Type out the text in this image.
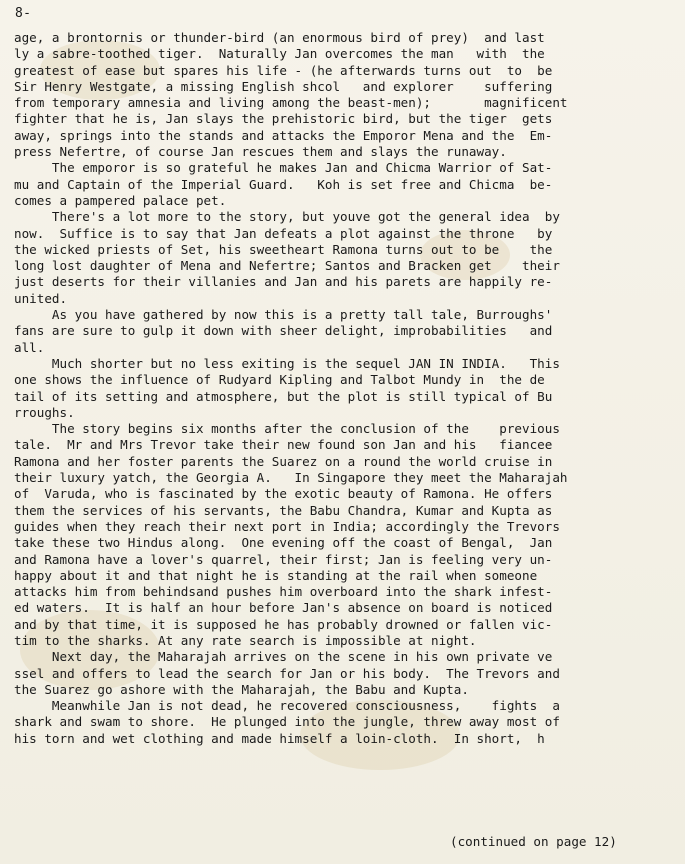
8-
age, a brontornis or thunder-bird (an enormous bird of prey)  and last
ly a sabre-toothed tiger.  Naturally Jan overcomes the man   with  the
greatest of ease but spares his life - (he afterwards turns out  to  be
Sir Henry Westgate, a missing English shcol   and explorer    suffering
from temporary amnesia and living among the beast-men);       magnificent
fighter that he is, Jan slays the prehistoric bird, but the tiger  gets
away, springs into the stands and attacks the Emporor Mena and the  Em-
press Nefertre, of course Jan rescues them and slays the runaway.
The emporor is so grateful he makes Jan and Chicma Warrior of Sat-
mu and Captain of the Imperial Guard.   Koh is set free and Chicma  be-
comes a pampered palace pet.
There's a lot more to the story, but youve got the general idea  by
now.  Suffice is to say that Jan defeats a plot against the throne   by
the wicked priests of Set, his sweetheart Ramona turns out to be    the
long lost daughter of Mena and Nefertre; Santos and Bracken get    their
just deserts for their villanies and Jan and his parets are happily re-
united.
As you have gathered by now this is a pretty tall tale, Burroughs'
fans are sure to gulp it down with sheer delight, improbabilities   and
all.
Much shorter but no less exiting is the sequel JAN IN INDIA.   This
one shows the influence of Rudyard Kipling and Talbot Mundy in  the de
tail of its setting and atmosphere, but the plot is still typical of Bu
rroughs.
The story begins six months after the conclusion of the    previous
tale.  Mr and Mrs Trevor take their new found son Jan and his   fiancee
Ramona and her foster parents the Suarez on a round the world cruise in
their luxury yatch, the Georgia A.   In Singapore they meet the Maharajah
of  Varuda, who is fascinated by the exotic beauty of Ramona. He offers
them the services of his servants, the Babu Chandra, Kumar and Kupta as
guides when they reach their next port in India; accordingly the Trevors
take these two Hindus along.  One evening off the coast of Bengal,  Jan
and Ramona have a lover's quarrel, their first; Jan is feeling very un-
happy about it and that night he is standing at the rail when someone
attacks him from behindsand pushes him overboard into the shark infest-
ed waters.  It is half an hour before Jan's absence on board is noticed
and by that time, it is supposed he has probably drowned or fallen vic-
tim to the sharks. At any rate search is impossible at night.
Next day, the Maharajah arrives on the scene in his own private ve
ssel and offers to lead the search for Jan or his body.  The Trevors and
the Suarez go ashore with the Maharajah, the Babu and Kupta.
Meanwhile Jan is not dead, he recovered consciousness,    fights  a
shark and swam to shore.  He plunged into the jungle, threw away most of
his torn and wet clothing and made himself a loin-cloth.  In short,  h
(continued on page 12)
